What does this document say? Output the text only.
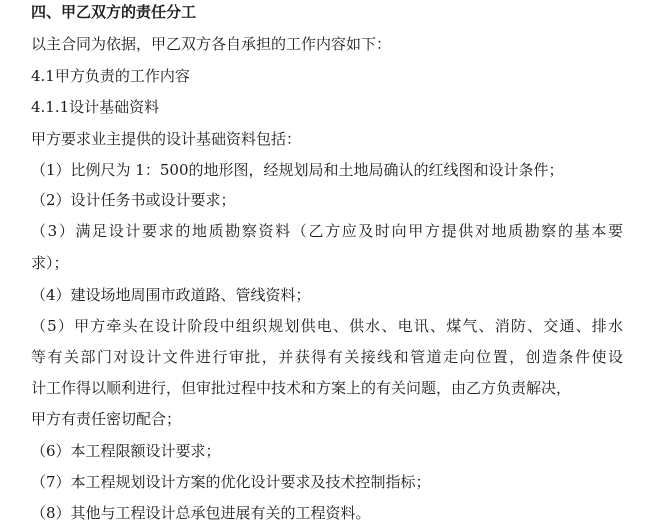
四、甲乙双方的责任分工
以主合同为依据，甲乙双方各自承担的工作内容如下：
4.1甲方负责的工作内容
4.1.1设计基础资料
甲方要求业主提供的设计基础资料包括：
（1）比例尺为 1：500的地形图，经规划局和土地局确认的红线图和设计条件；
（2）设计任务书或设计要求；
（3）满足设计要求的地质勘察资料（乙方应及时向甲方提供对地质勘察的基本要
求）；
（4）建设场地周围市政道路、管线资料；
（5）甲方牵头在设计阶段中组织规划供电、供水、电讯、煤气、消防、交通、排水
等有关部门对设计文件进行审批，并获得有关接线和管道走向位置，创造条件使设
计工作得以顺利进行，但审批过程中技术和方案上的有关问题，由乙方负责解决，
甲方有责任密切配合；
（6）本工程限额设计要求；
（7）本工程规划设计方案的优化设计要求及技术控制指标；
（8）其他与工程设计总承包进展有关的工程资料。
